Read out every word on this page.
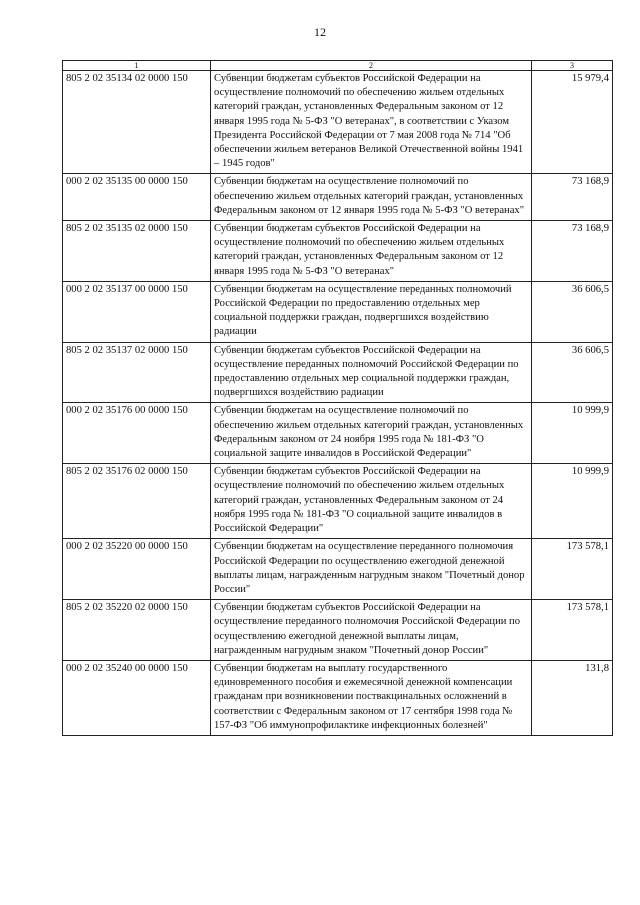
12
1	2	3
805 2 02 35134 02 0000 150	Субвенции бюджетам субъектов Российской Федерации на осуществление полномочий по обеспечению жильем отдельных категорий граждан, установленных Федеральным законом от 12 января 1995 года № 5-ФЗ "О ветеранах", в соответствии с Указом Президента Российской Федерации от 7 мая 2008 года № 714 "Об обеспечении жильем ветеранов Великой Отечественной войны 1941 – 1945 годов"	15 979,4
000 2 02 35135 00 0000 150	Субвенции бюджетам на осуществление полномочий по обеспечению жильем отдельных категорий граждан, установленных Федеральным законом от 12 января 1995 года № 5-ФЗ "О ветеранах"	73 168,9
805 2 02 35135 02 0000 150	Субвенции бюджетам субъектов Российской Федерации на осуществление полномочий по обеспечению жильем отдельных категорий граждан, установленных Федеральным законом от 12 января 1995 года № 5-ФЗ "О ветеранах"	73 168,9
000 2 02 35137 00 0000 150	Субвенции бюджетам на осуществление переданных полномочий Российской Федерации по предоставлению отдельных мер социальной поддержки граждан, подвергшихся воздействию радиации	36 606,5
805 2 02 35137 02 0000 150	Субвенции бюджетам субъектов Российской Федерации на осуществление переданных полномочий Российской Федерации по предоставлению отдельных мер социальной поддержки граждан, подвергшихся воздействию радиации	36 606,5
000 2 02 35176 00 0000 150	Субвенции бюджетам на осуществление полномочий по обеспечению жильем отдельных категорий граждан, установленных Федеральным законом от 24 ноября 1995 года № 181-ФЗ "О социальной защите инвалидов в Российской Федерации"	10 999,9
805 2 02 35176 02 0000 150	Субвенции бюджетам субъектов Российской Федерации на осуществление полномочий по обеспечению жильем отдельных категорий граждан, установленных Федеральным законом от 24 ноября 1995 года № 181-ФЗ "О социальной защите инвалидов в Российской Федерации"	10 999,9
000 2 02 35220 00 0000 150	Субвенции бюджетам на осуществление переданного полномочия Российской Федерации по осуществлению ежегодной денежной выплаты лицам, награжденным нагрудным знаком "Почетный донор России"	173 578,1
805 2 02 35220 02 0000 150	Субвенции бюджетам субъектов Российской Федерации на осуществление переданного полномочия Российской Федерации по осуществлению ежегодной денежной выплаты лицам, награжденным нагрудным знаком "Почетный донор России"	173 578,1
000 2 02 35240 00 0000 150	Субвенции бюджетам на выплату государственного единовременного пособия и ежемесячной денежной компенсации гражданам при возникновении поствакцинальных осложнений в соответствии с Федеральным законом от 17 сентября 1998 года № 157-ФЗ "Об иммунопрофилактике инфекционных болезней"	131,8
